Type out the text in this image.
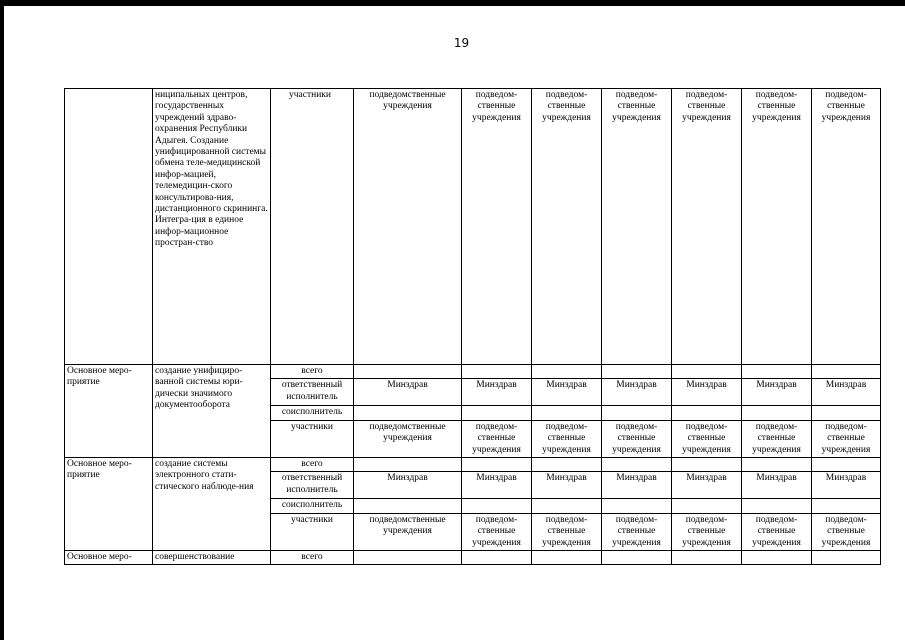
19
	ниципальных центров, государственных учреждений здраво-охранения Республики Адыгея. Создание унифицированной системы обмена теле-медицинской инфор-мацией, телемедицин-ского консультирова-ния, дистанционного скрининга. Интегра-ция в единое инфор-мационное простран-ство	участники	подведомственные учреждения	подведом-ственные учреждения	подведом-ственные учреждения	подведом-ственные учреждения	подведом-ственные учреждения	подведом-ственные учреждения	подведом-ственные учреждения
Основное меро-приятие	создание унифициро-ванной системы юри-дически значимого документооборота	всего							
		ответственный исполнитель	Минздрав	Минздрав	Минздрав	Минздрав	Минздрав	Минздрав	Минздрав
		соисполнитель							
		участники	подведомственные учреждения	подведом-ственные учреждения	подведом-ственные учреждения	подведом-ственные учреждения	подведом-ственные учреждения	подведом-ственные учреждения	подведом-ственные учреждения
Основное меро-приятие	создание системы электронного стати-стического наблюде-ния	всего							
		ответственный исполнитель	Минздрав	Минздрав	Минздрав	Минздрав	Минздрав	Минздрав	Минздрав
		соисполнитель							
		участники	подведомственные учреждения	подведом-ственные учреждения	подведом-ственные учреждения	подведом-ственные учреждения	подведом-ственные учреждения	подведом-ственные учреждения	подведом-ственные учреждения
Основное меро-	совершенствование	всего							
